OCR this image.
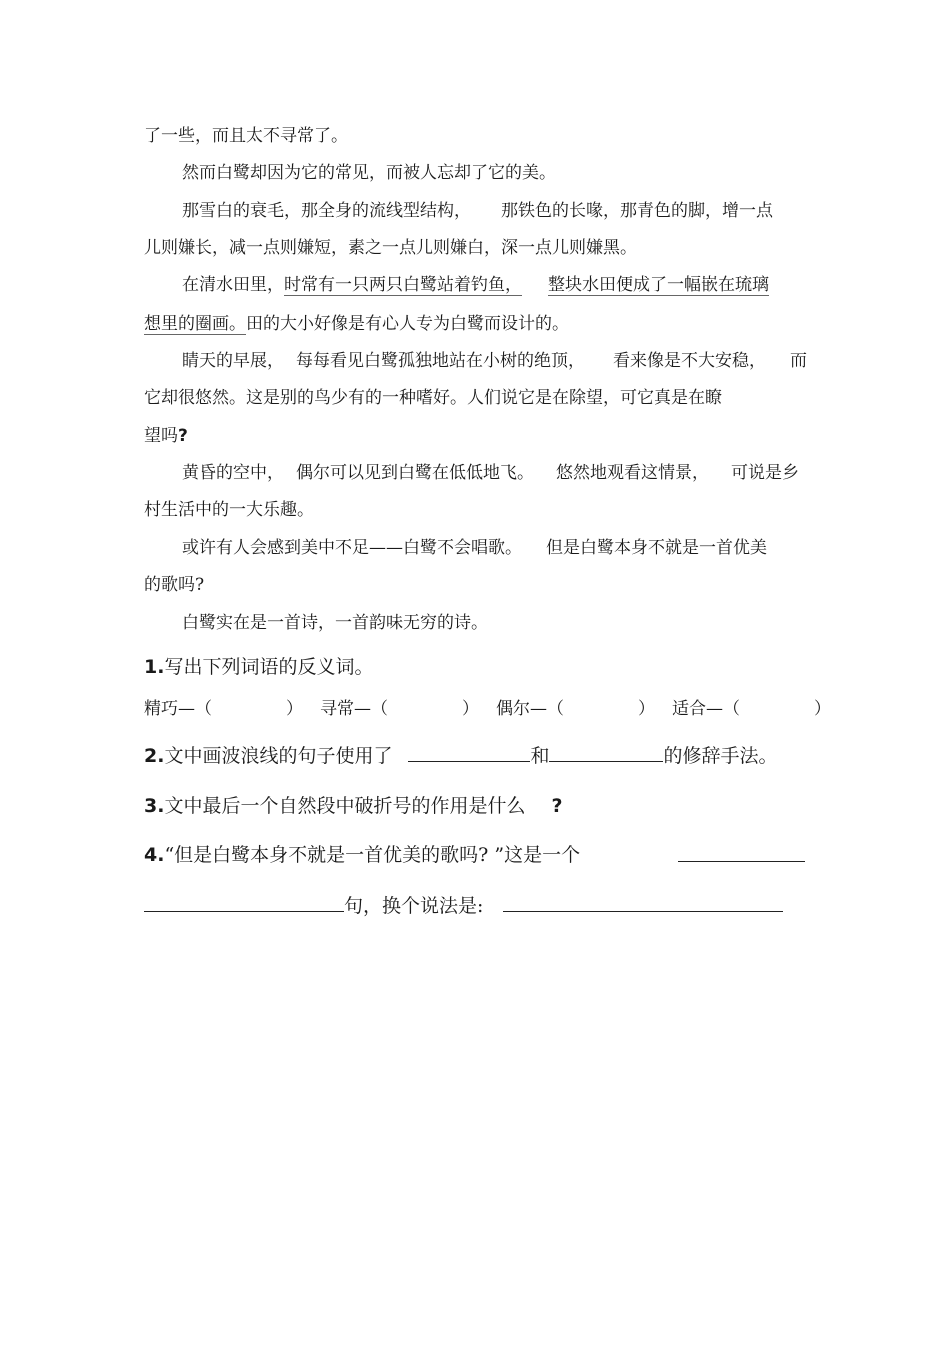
了一些，而且太不寻常了。
然而白鹭却因为它的常见，而被人忘却了它的美。
那雪白的衰毛，那全身的流线型结构， 那铁色的长喙，那青色的脚，增一点
儿则嫌长，减一点则嫌短，素之一点儿则嫌白，深一点儿则嫌黑。
在清水田里，时常有一只两只白鹭站着钓鱼， 整块水田便成了一幅嵌在琉璃
想里的圈画。田的大小好像是有心人专为白鹭而设计的。
睛天的早展， 每每看见白鹭孤独地站在小树的绝顶， 看来像是不大安稳， 而
它却很悠然。这是别的鸟少有的一种嗜好。人们说它是在除望，可它真是在瞭
望吗?
黄昏的空中， 偶尔可以见到白鹭在低低地飞。 悠然地观看这情景， 可说是乡
村生活中的一大乐趣。
或许有人会感到美中不足——白鹭不会唱歌。 但是白鹭本身不就是一首优美
的歌吗?
白鹭实在是一首诗，一首韵味无穷的诗。
1.写出下列词语的反义词。
精巧—（	） 寻常—（	） 偶尔—（	） 适合—（	）
2.文中画波浪线的句子使用了	和	的修辞手法。
3.文中最后一个自然段中破折号的作用是什么 ?
4.“但是白鹭本身不就是一首优美的歌吗? ”这是一个
句，换个说法是:
